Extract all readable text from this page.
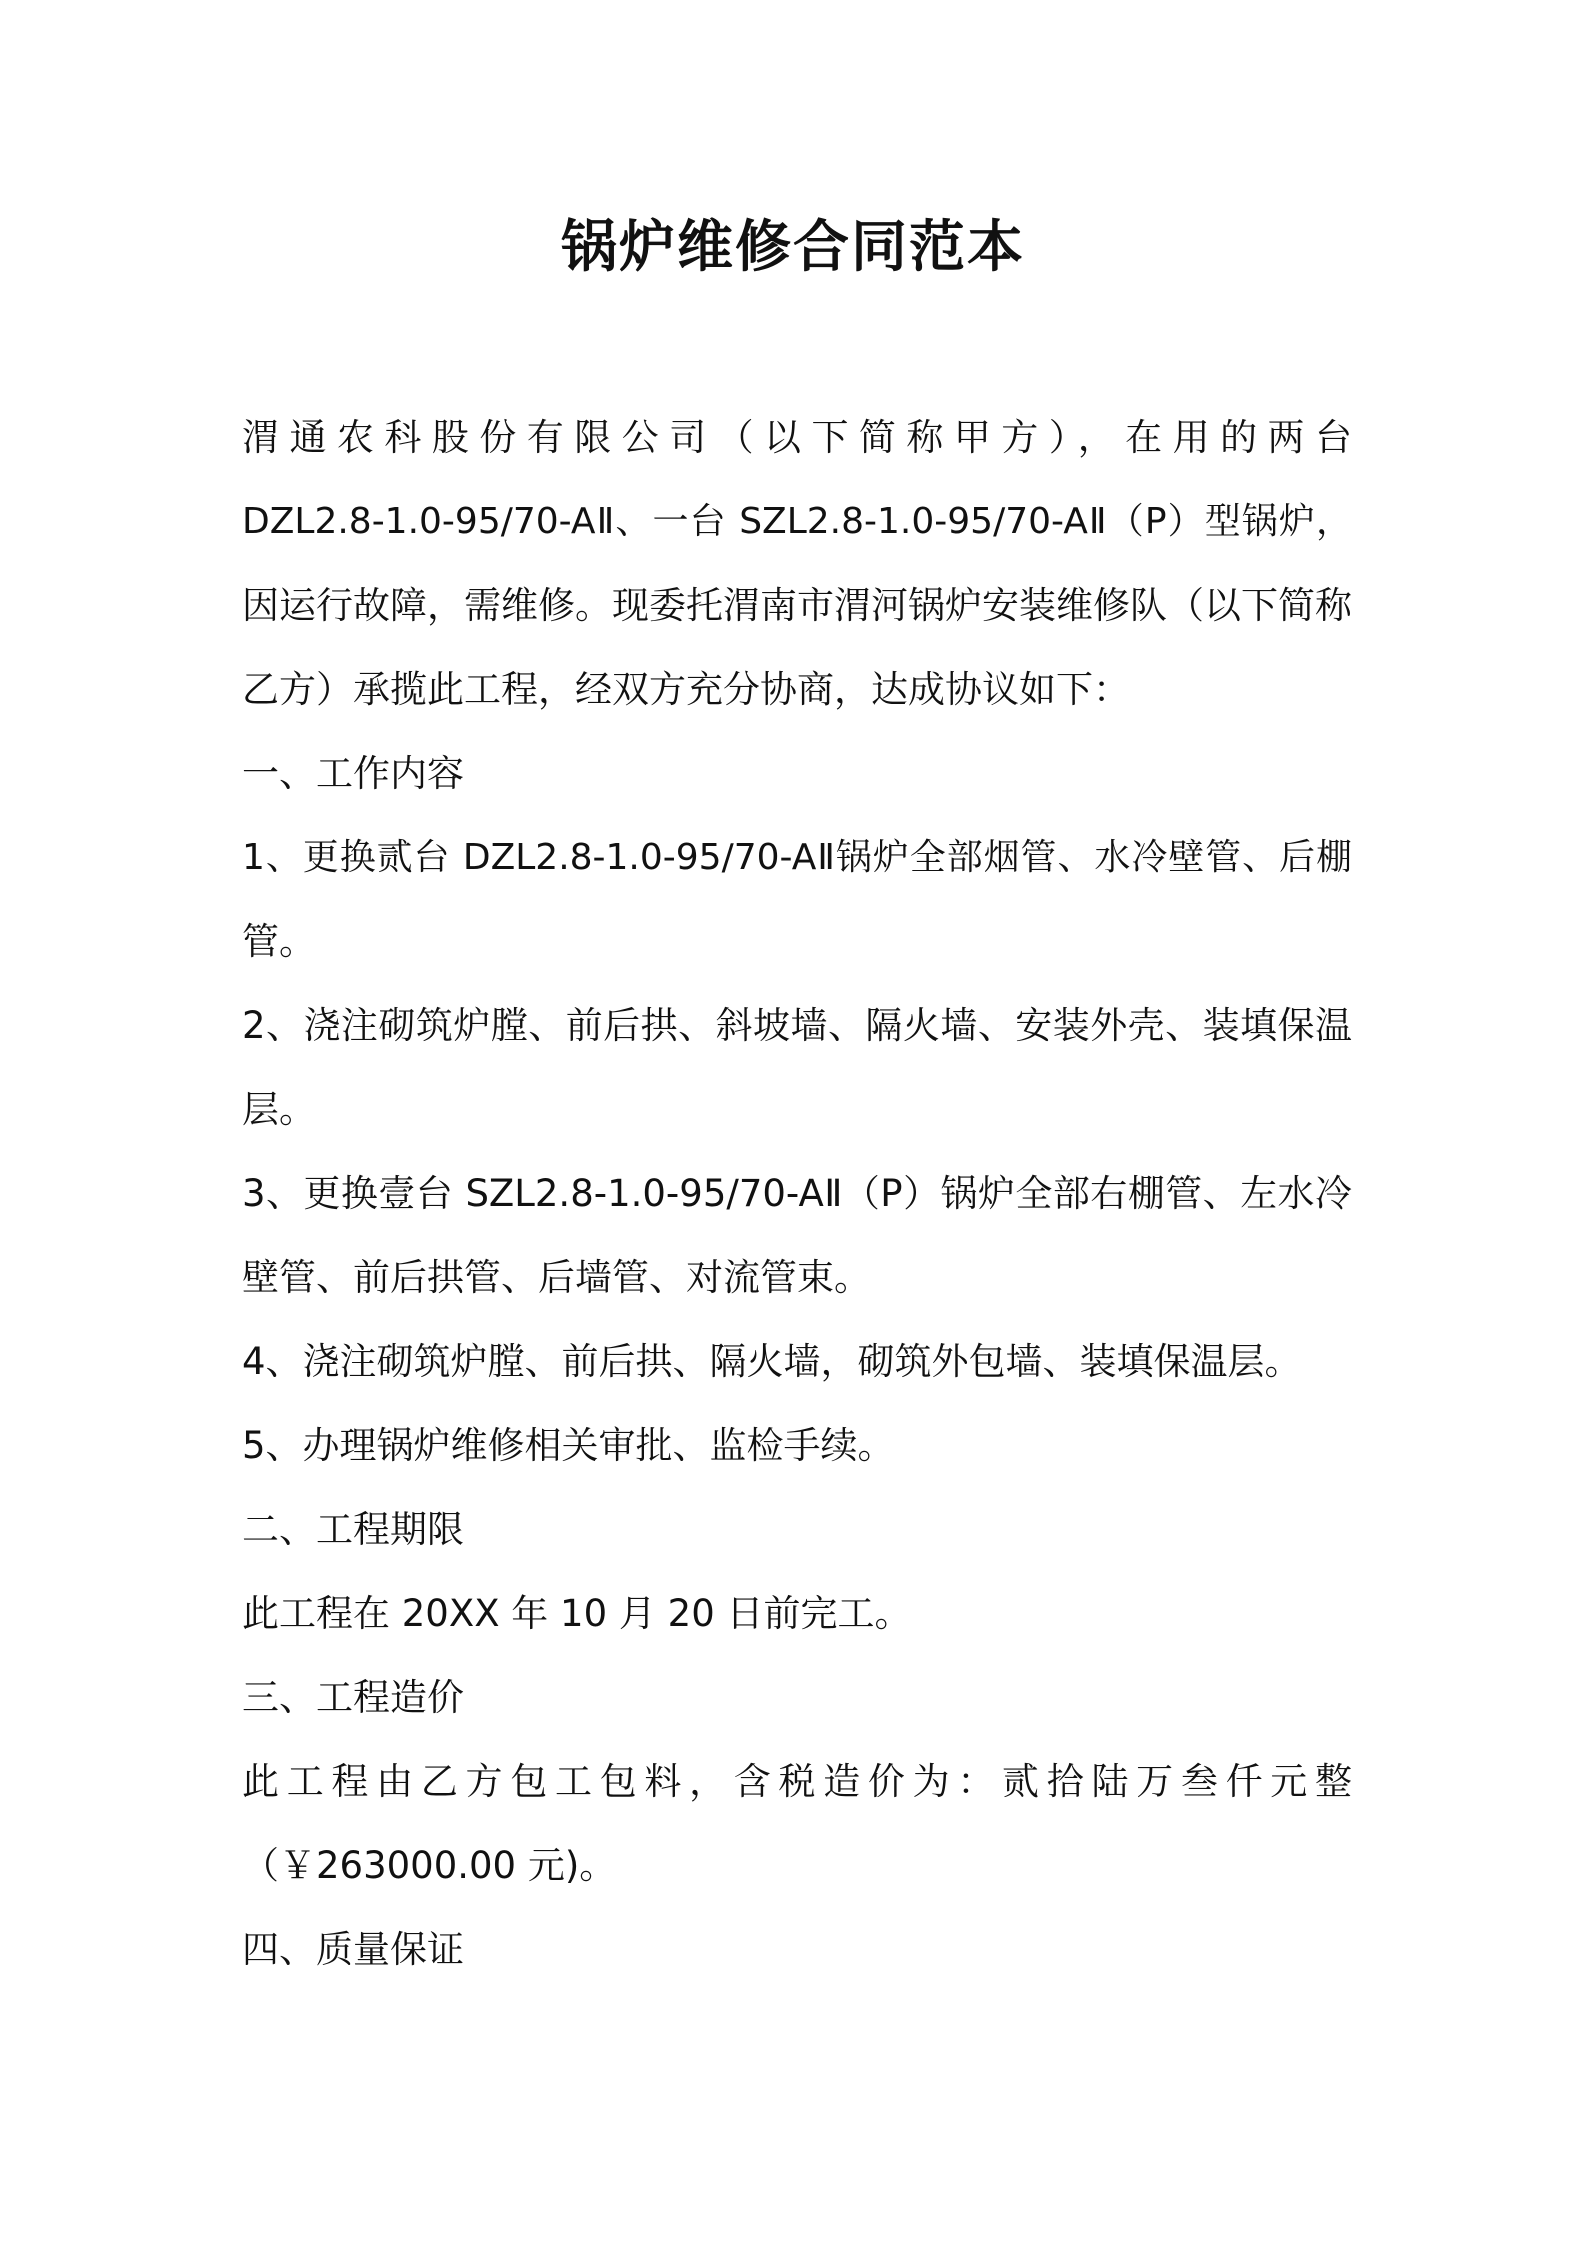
锅炉维修合同范本
渭通农科股份有限公司（以下简称甲方），在用的两台
DZL2.8-1.0-95/70-AⅡ、一台 SZL2.8-1.0-95/70-AⅡ（P）型锅炉，
因运行故障，需维修。现委托渭南市渭河锅炉安装维修队（以下简称
乙方）承揽此工程，经双方充分协商，达成协议如下：
一、工作内容
1、更换贰台 DZL2.8-1.0-95/70-AⅡ锅炉全部烟管、水冷壁管、后棚
管。
2、浇注砌筑炉膛、前后拱、斜坡墙、隔火墙、安装外壳、装填保温
层。
3、更换壹台 SZL2.8-1.0-95/70-AⅡ（P）锅炉全部右棚管、左水冷
壁管、前后拱管、后墙管、对流管束。
4、浇注砌筑炉膛、前后拱、隔火墙，砌筑外包墙、装填保温层。
5、办理锅炉维修相关审批、监检手续。
二、工程期限
此工程在 20XX 年 10 月 20 日前完工。
三、工程造价
此工程由乙方包工包料，含税造价为：贰拾陆万叁仟元整
（￥263000.00 元)。
四、质量保证
